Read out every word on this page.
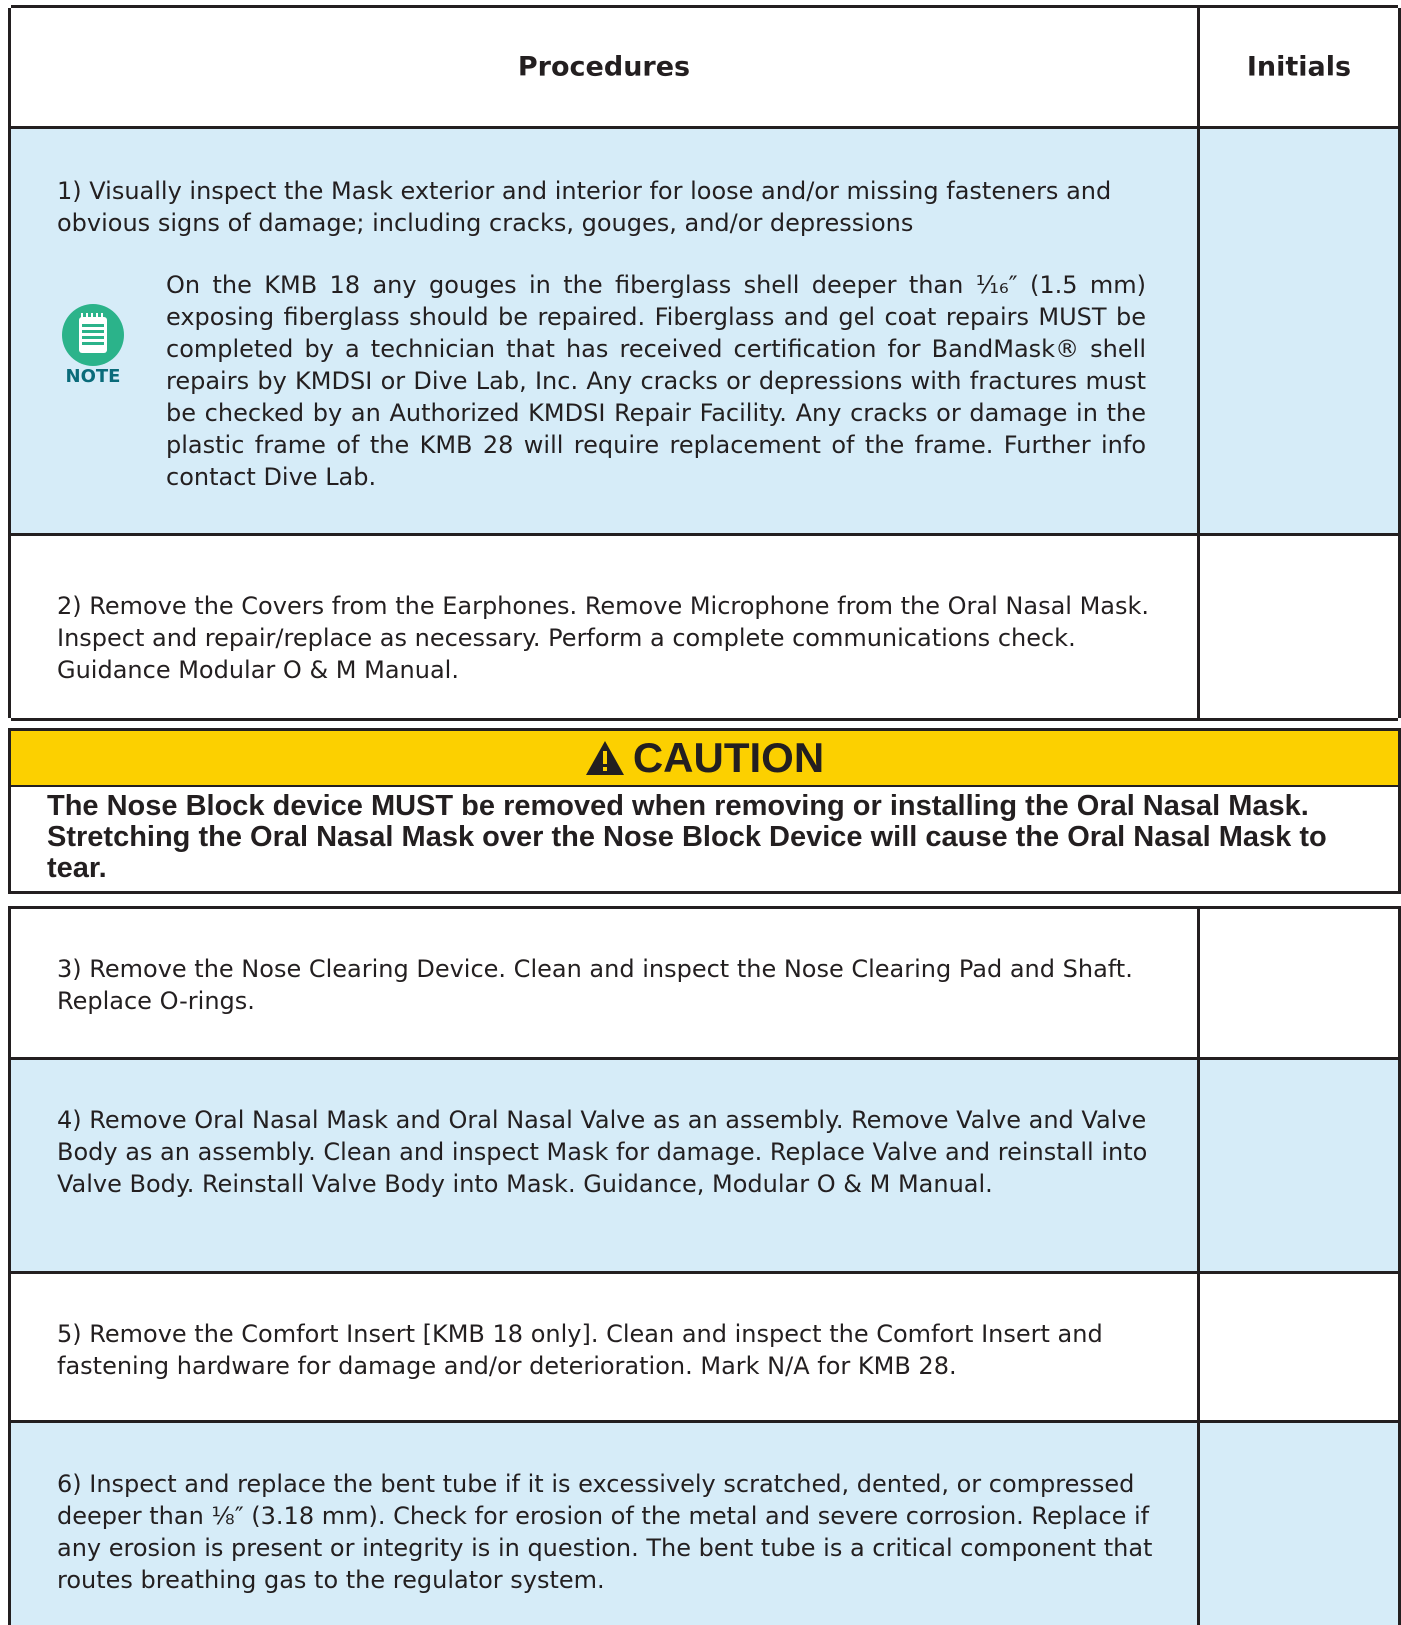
Procedures	Initials
1) Visually inspect the Mask exterior and interior for loose and/or missing fasteners and obvious signs of damage; including cracks, gouges, and/or depressions
NOTE
On the KMB 18 any gouges in the fiberglass shell deeper than ¹⁄₁₆″ (1.5 mm) exposing fiberglass should be repaired. Fiberglass and gel coat repairs MUST be completed by a technician that has received certification for BandMask® shell repairs by KMDSI or Dive Lab, Inc. Any cracks or depressions with fractures must be checked by an Authorized KMDSI Repair Facility. Any cracks or damage in the plastic frame of the KMB 28 will require replacement of the frame. Further info contact Dive Lab.
2) Remove the Covers from the Earphones. Remove Microphone from the Oral Nasal Mask. Inspect and repair/replace as necessary. Perform a complete communications check. Guidance Modular O & M Manual.
CAUTION
The Nose Block device MUST be removed when removing or installing the Oral Nasal Mask. Stretching the Oral Nasal Mask over the Nose Block Device will cause the Oral Nasal Mask to tear.
3) Remove the Nose Clearing Device. Clean and inspect the Nose Clearing Pad and Shaft. Replace O-rings.
4) Remove Oral Nasal Mask and Oral Nasal Valve as an assembly. Remove Valve and Valve Body as an assembly. Clean and inspect Mask for damage. Replace Valve and reinstall into Valve Body. Reinstall Valve Body into Mask. Guidance, Modular O & M Manual.
5) Remove the Comfort Insert [KMB 18 only]. Clean and inspect the Comfort Insert and fastening hardware for damage and/or deterioration. Mark N/A for KMB 28.
6) Inspect and replace the bent tube if it is excessively scratched, dented, or compressed deeper than ⅛″ (3.18 mm). Check for erosion of the metal and severe corrosion. Replace if any erosion is present or integrity is in question. The bent tube is a critical component that routes breathing gas to the regulator system.
